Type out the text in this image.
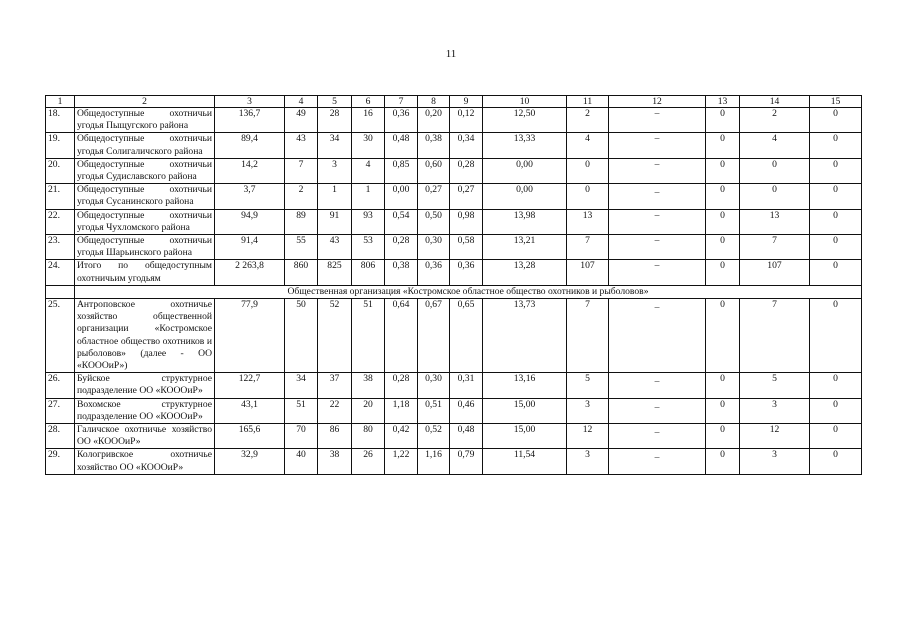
11
1	2	3	4	5	6	7	8	9	10	11	12	13	14	15
18.	Общедоступные охотничьи угодья Пыщугского района	136,7	49	28	16	0,36	0,20	0,12	12,50	2	–	0	2	0
19.	Общедоступные охотничьи угодья Солигаличского района	89,4	43	34	30	0,48	0,38	0,34	13,33	4	–	0	4	0
20.	Общедоступные охотничьи угодья Судиславского района	14,2	7	3	4	0,85	0,60	0,28	0,00	0	–	0	0	0
21.	Общедоступные охотничьи угодья Сусанинского района	3,7	2	1	1	0,00	0,27	0,27	0,00	0	_	0	0	0
22.	Общедоступные охотничьи угодья Чухломского района	94,9	89	91	93	0,54	0,50	0,98	13,98	13	–	0	13	0
23.	Общедоступные охотничьи угодья Шарьинского района	91,4	55	43	53	0,28	0,30	0,58	13,21	7	–	0	7	0
24.	Итого по общедоступным охотничьим угодьям	2 263,8	860	825	806	0,38	0,36	0,36	13,28	107	–	0	107	0
	Общественная организация «Костромское областное общество охотников и рыболовов»													
25.	Антроповское охотничье хозяйство общественной организации «Костромское областное общество охотников и рыболовов» (далее - ОО «КОООиР»)	77,9	50	52	51	0,64	0,67	0,65	13,73	7	_	0	7	0
26.	Буйское структурное подразделение ОО «КОООиР»	122,7	34	37	38	0,28	0,30	0,31	13,16	5	_	0	5	0
27.	Вохомское структурное подразделение ОО «КОООиР»	43,1	51	22	20	1,18	0,51	0,46	15,00	3	_	0	3	0
28.	Галичское охотничье хозяйство ОО «КОООиР»	165,6	70	86	80	0,42	0,52	0,48	15,00	12	_	0	12	0
29.	Кологривское охотничье хозяйство ОО «КОООиР»	32,9	40	38	26	1,22	1,16	0,79	11,54	3	_	0	3	0
